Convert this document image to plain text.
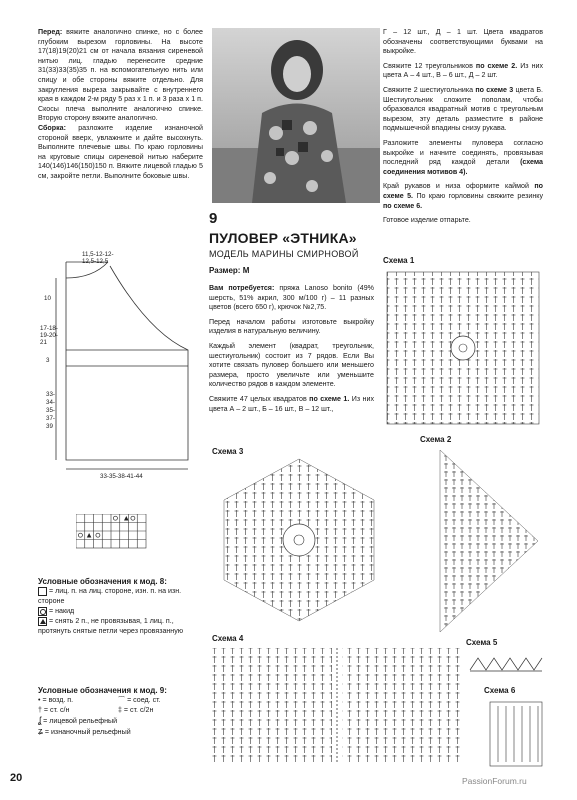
Перед: вяжите аналогично спинке, но с более глубоким вырезом горловины. На высоте 17(18)19(20)21 см от начала вязания сиреневой нитью лиц. гладью перенесите средние 31(33)33(35)35 п. на вспомогательную нить или спицу и обе стороны вяжите отдельно. Для закругления выреза закрывайте с внутреннего края в каждом 2-м ряду 5 раз х 1 п. и 3 раза х 1 п. Скосы плеча выполните аналогично спинке. Вторую сторону вяжите аналогично.

Сборка: разложите изделие изнаночной стороной вверх, увлажните и дайте высохнуть. Выполните плечевые швы. По краю горловины на круговые спицы сиреневой нитью наберите 140(146)146(150)150 п. Вяжите лицевой гладью 5 см, закройте петли. Выполните боковые швы.

11,5-12-12-12,5-12,5
10
17-18-19-20-21
3
33-34-35-37-39
33-35-38-41-44
Условные обозначения к мод. 8:
= лиц. п. на лиц. стороне, изн. п. на изн. стороне
= накид
= снять 2 п., не провязывая, 1 лиц. п., протянуть снятые петли через провязанную
Условные обозначения к мод. 9:
• = возд. п.	⌒ = соед. ст.
† = ст. с/н	‡ = ст. с/2н
ʆ = лицевой рельефный
ʑ = изнаночный рельефный
9
ПУЛОВЕР «ЭТНИКА»
МОДЕЛЬ МАРИНЫ СМИРНОВОЙ
Размер: М

Вам потребуется: пряжа Lanoso bonito (49% шерсть, 51% акрил, 300 м/100 г) – 11 разных цветов (всего 650 г), крючок №2,75.

Перед началом работы изготовьте выкройку изделия в натуральную величину.

Каждый элемент (квадрат, треугольник, шестиугольник) состоит из 7 рядов. Если Вы хотите связать пуловер большего или меньшего размера, просто увеличьте или уменьшите количество рядов в каждом элементе.

Свяжите 47 целых квадратов по схеме 1. Из них цвета А – 2 шт., Б – 16 шт., В – 12 шт.,

Г – 12 шт., Д – 1 шт. Цвета квадратов обозначены соответствующими буквами на выкройке.

Свяжите 12 треугольников по схеме 2. Из них цвета А – 4 шт., В – 6 шт., Д – 2 шт.

Свяжите 2 шестиугольника по схеме 3 цвета Б. Шестиугольник сложите пополам, чтобы образовался квадратный мотив с треугольным вырезом, эту деталь разместите в районе подмышечной впадины снизу рукава.

Разложите элементы пуловера согласно выкройке и начните соединять, провязывая последний ряд каждой детали (схема соединения мотивов 4).

Край рукавов и низа оформите каймой по схеме 5. По краю горловины свяжите резинку по схеме 6.

Готовое изделие отпарьте.

Схема 1
Схема 2
Схема 3
Схема 4	Схема 5
Схема 6
20	PassionForum.ru
